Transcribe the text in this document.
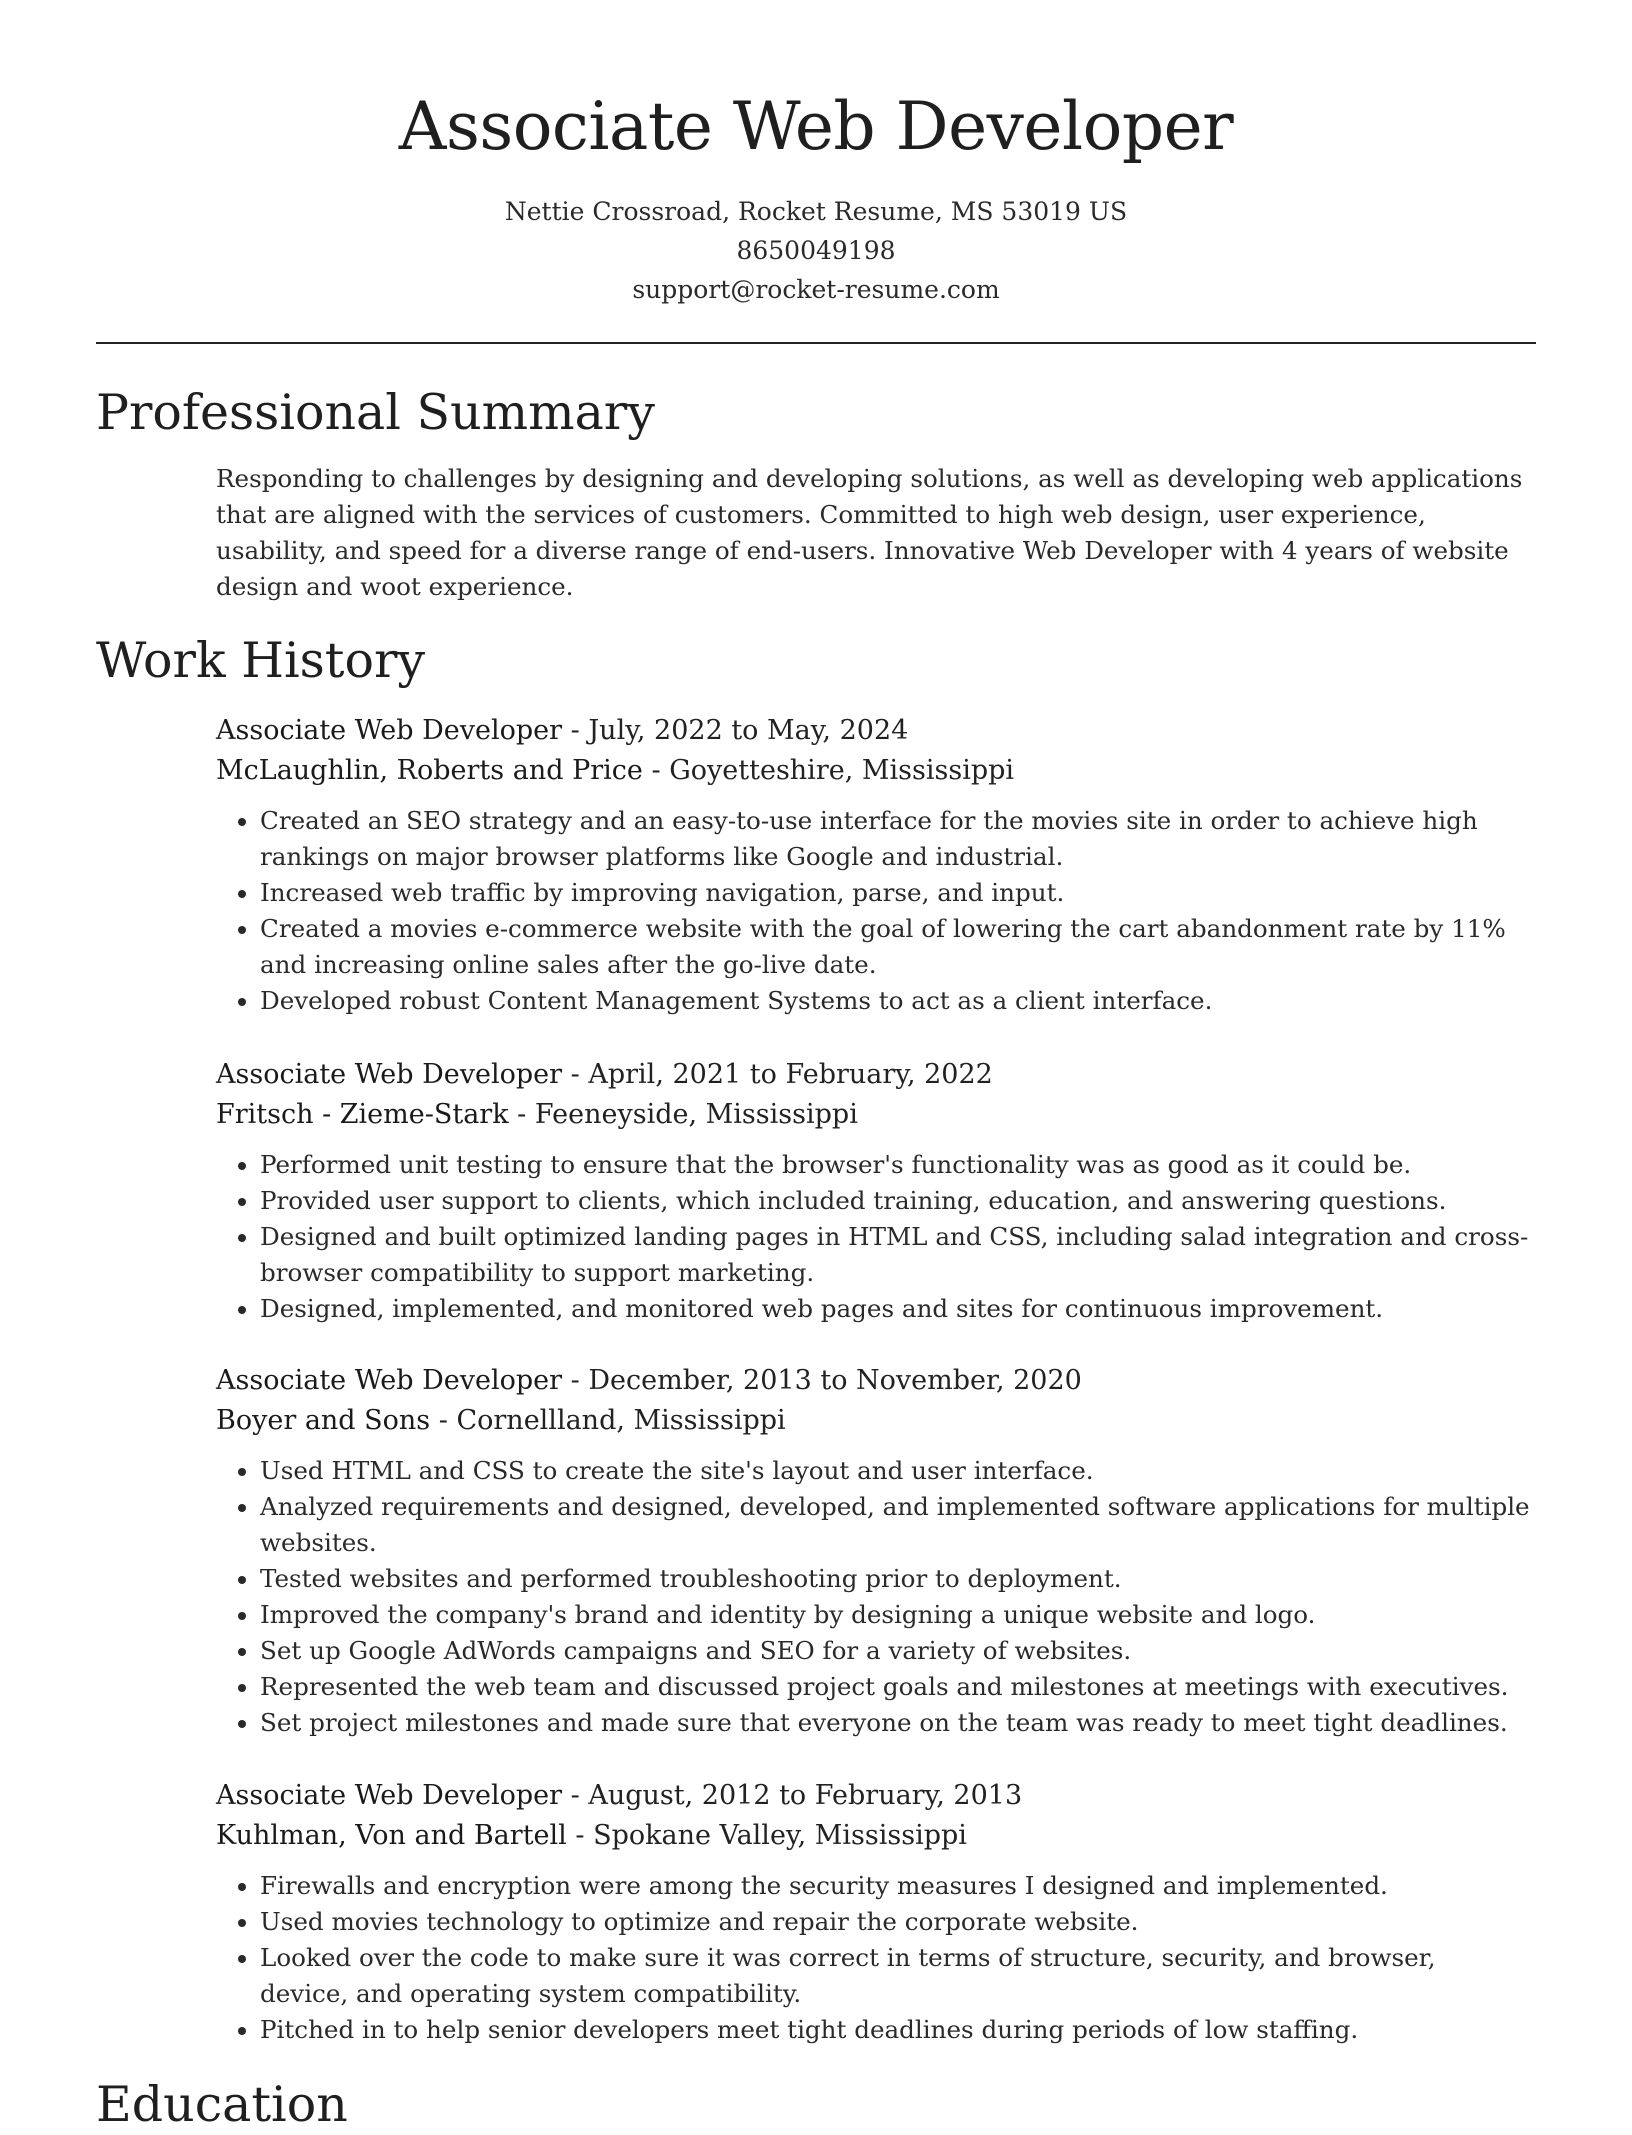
Associate Web Developer
Nettie Crossroad, Rocket Resume, MS 53019 US
8650049198
support@rocket-resume.com
Professional Summary

Responding to challenges by designing and developing solutions, as well as developing web applications that are aligned with the services of customers. Committed to high web design, user experience, usability, and speed for a diverse range of end-users. Innovative Web Developer with 4 years of website design and woot experience.

Work History
Associate Web Developer - July, 2022 to May, 2024
McLaughlin, Roberts and Price - Goyetteshire, Mississippi
• Created an SEO strategy and an easy-to-use interface for the movies site in order to achieve high rankings on major browser platforms like Google and industrial.
• Increased web traffic by improving navigation, parse, and input.
• Created a movies e-commerce website with the goal of lowering the cart abandonment rate by 11% and increasing online sales after the go-live date.
• Developed robust Content Management Systems to act as a client interface.
Associate Web Developer - April, 2021 to February, 2022
Fritsch - Zieme-Stark - Feeneyside, Mississippi
• Performed unit testing to ensure that the browser's functionality was as good as it could be.
• Provided user support to clients, which included training, education, and answering questions.
• Designed and built optimized landing pages in HTML and CSS, including salad integration and cross-browser compatibility to support marketing.
• Designed, implemented, and monitored web pages and sites for continuous improvement.
Associate Web Developer - December, 2013 to November, 2020
Boyer and Sons - Cornellland, Mississippi
• Used HTML and CSS to create the site's layout and user interface.
• Analyzed requirements and designed, developed, and implemented software applications for multiple websites.
• Tested websites and performed troubleshooting prior to deployment.
• Improved the company's brand and identity by designing a unique website and logo.
• Set up Google AdWords campaigns and SEO for a variety of websites.
• Represented the web team and discussed project goals and milestones at meetings with executives.
• Set project milestones and made sure that everyone on the team was ready to meet tight deadlines.
Associate Web Developer - August, 2012 to February, 2013
Kuhlman, Von and Bartell - Spokane Valley, Mississippi
• Firewalls and encryption were among the security measures I designed and implemented.
• Used movies technology to optimize and repair the corporate website.
• Looked over the code to make sure it was correct in terms of structure, security, and browser, device, and operating system compatibility.
• Pitched in to help senior developers meet tight deadlines during periods of low staffing.
Education
